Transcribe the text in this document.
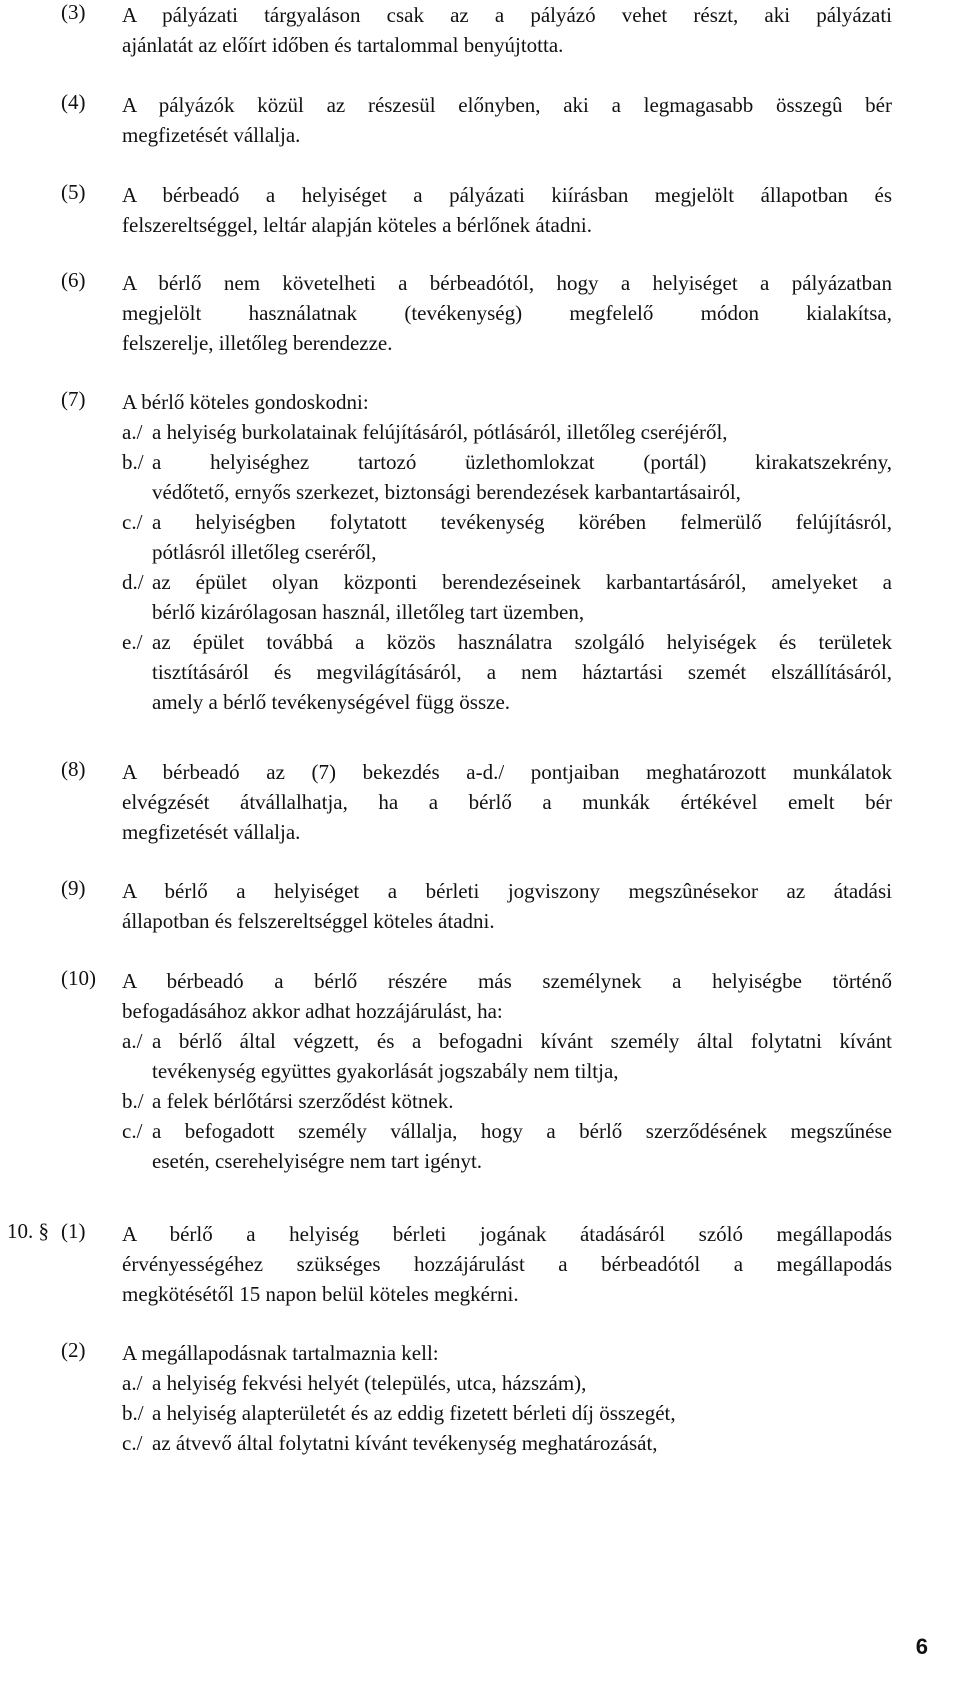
(3) A pályázati tárgyaláson csak az a pályázó vehet részt, aki pályázati
ajánlatát az előírt időben és tartalommal benyújtotta.
(4) A pályázók közül az részesül előnyben, aki a legmagasabb összegû bér
megfizetését vállalja.
(5) A bérbeadó a helyiséget a pályázati kiírásban megjelölt állapotban és
felszereltséggel, leltár alapján köteles a bérlőnek átadni.
(6) A bérlő nem követelheti a bérbeadótól, hogy a helyiséget a pályázatban
megjelölt használatnak (tevékenység) megfelelő módon kialakítsa,
felszerelje, illetőleg berendezze.
(7) A bérlő köteles gondoskodni:
a./ a helyiség burkolatainak felújításáról, pótlásáról, illetőleg cseréjéről,
b./ a helyiséghez tartozó üzlethomlokzat (portál) kirakatszekrény,
védőtető, ernyős szerkezet, biztonsági berendezések karbantartásairól,
c./ a helyiségben folytatott tevékenység körében felmerülő felújításról,
pótlásról illetőleg cseréről,
d./ az épület olyan központi berendezéseinek karbantartásáról, amelyeket a
bérlő kizárólagosan használ, illetőleg tart üzemben,
e./ az épület továbbá a közös használatra szolgáló helyiségek és területek
tisztításáról és megvilágításáról, a nem háztartási szemét elszállításáról,
amely a bérlő tevékenységével függ össze.
(8) A bérbeadó az (7) bekezdés a-d./ pontjaiban meghatározott munkálatok
elvégzését átvállalhatja, ha a bérlő a munkák értékével emelt bér
megfizetését vállalja.
(9) A bérlő a helyiséget a bérleti jogviszony megszûnésekor az átadási
állapotban és felszereltséggel köteles átadni.
(10) A bérbeadó a bérlő részére más személynek a helyiségbe történő
befogadásához akkor adhat hozzájárulást, ha:
a./ a bérlő által végzett, és a befogadni kívánt személy által folytatni kívánt
tevékenység együttes gyakorlását jogszabály nem tiltja,
b./ a felek bérlőtársi szerződést kötnek.
c./ a befogadott személy vállalja, hogy a bérlő szerződésének megszűnése
esetén, cserehelyiségre nem tart igényt.
10. § (1) A bérlő a helyiség bérleti jogának átadásáról szóló megállapodás
érvényességéhez szükséges hozzájárulást a bérbeadótól a megállapodás
megkötésétől 15 napon belül köteles megkérni.
(2) A megállapodásnak tartalmaznia kell:
a./ a helyiség fekvési helyét (település, utca, házszám),
b./ a helyiség alapterületét és az eddig fizetett bérleti díj összegét,
c./ az átvevő által folytatni kívánt tevékenység meghatározását,
6
